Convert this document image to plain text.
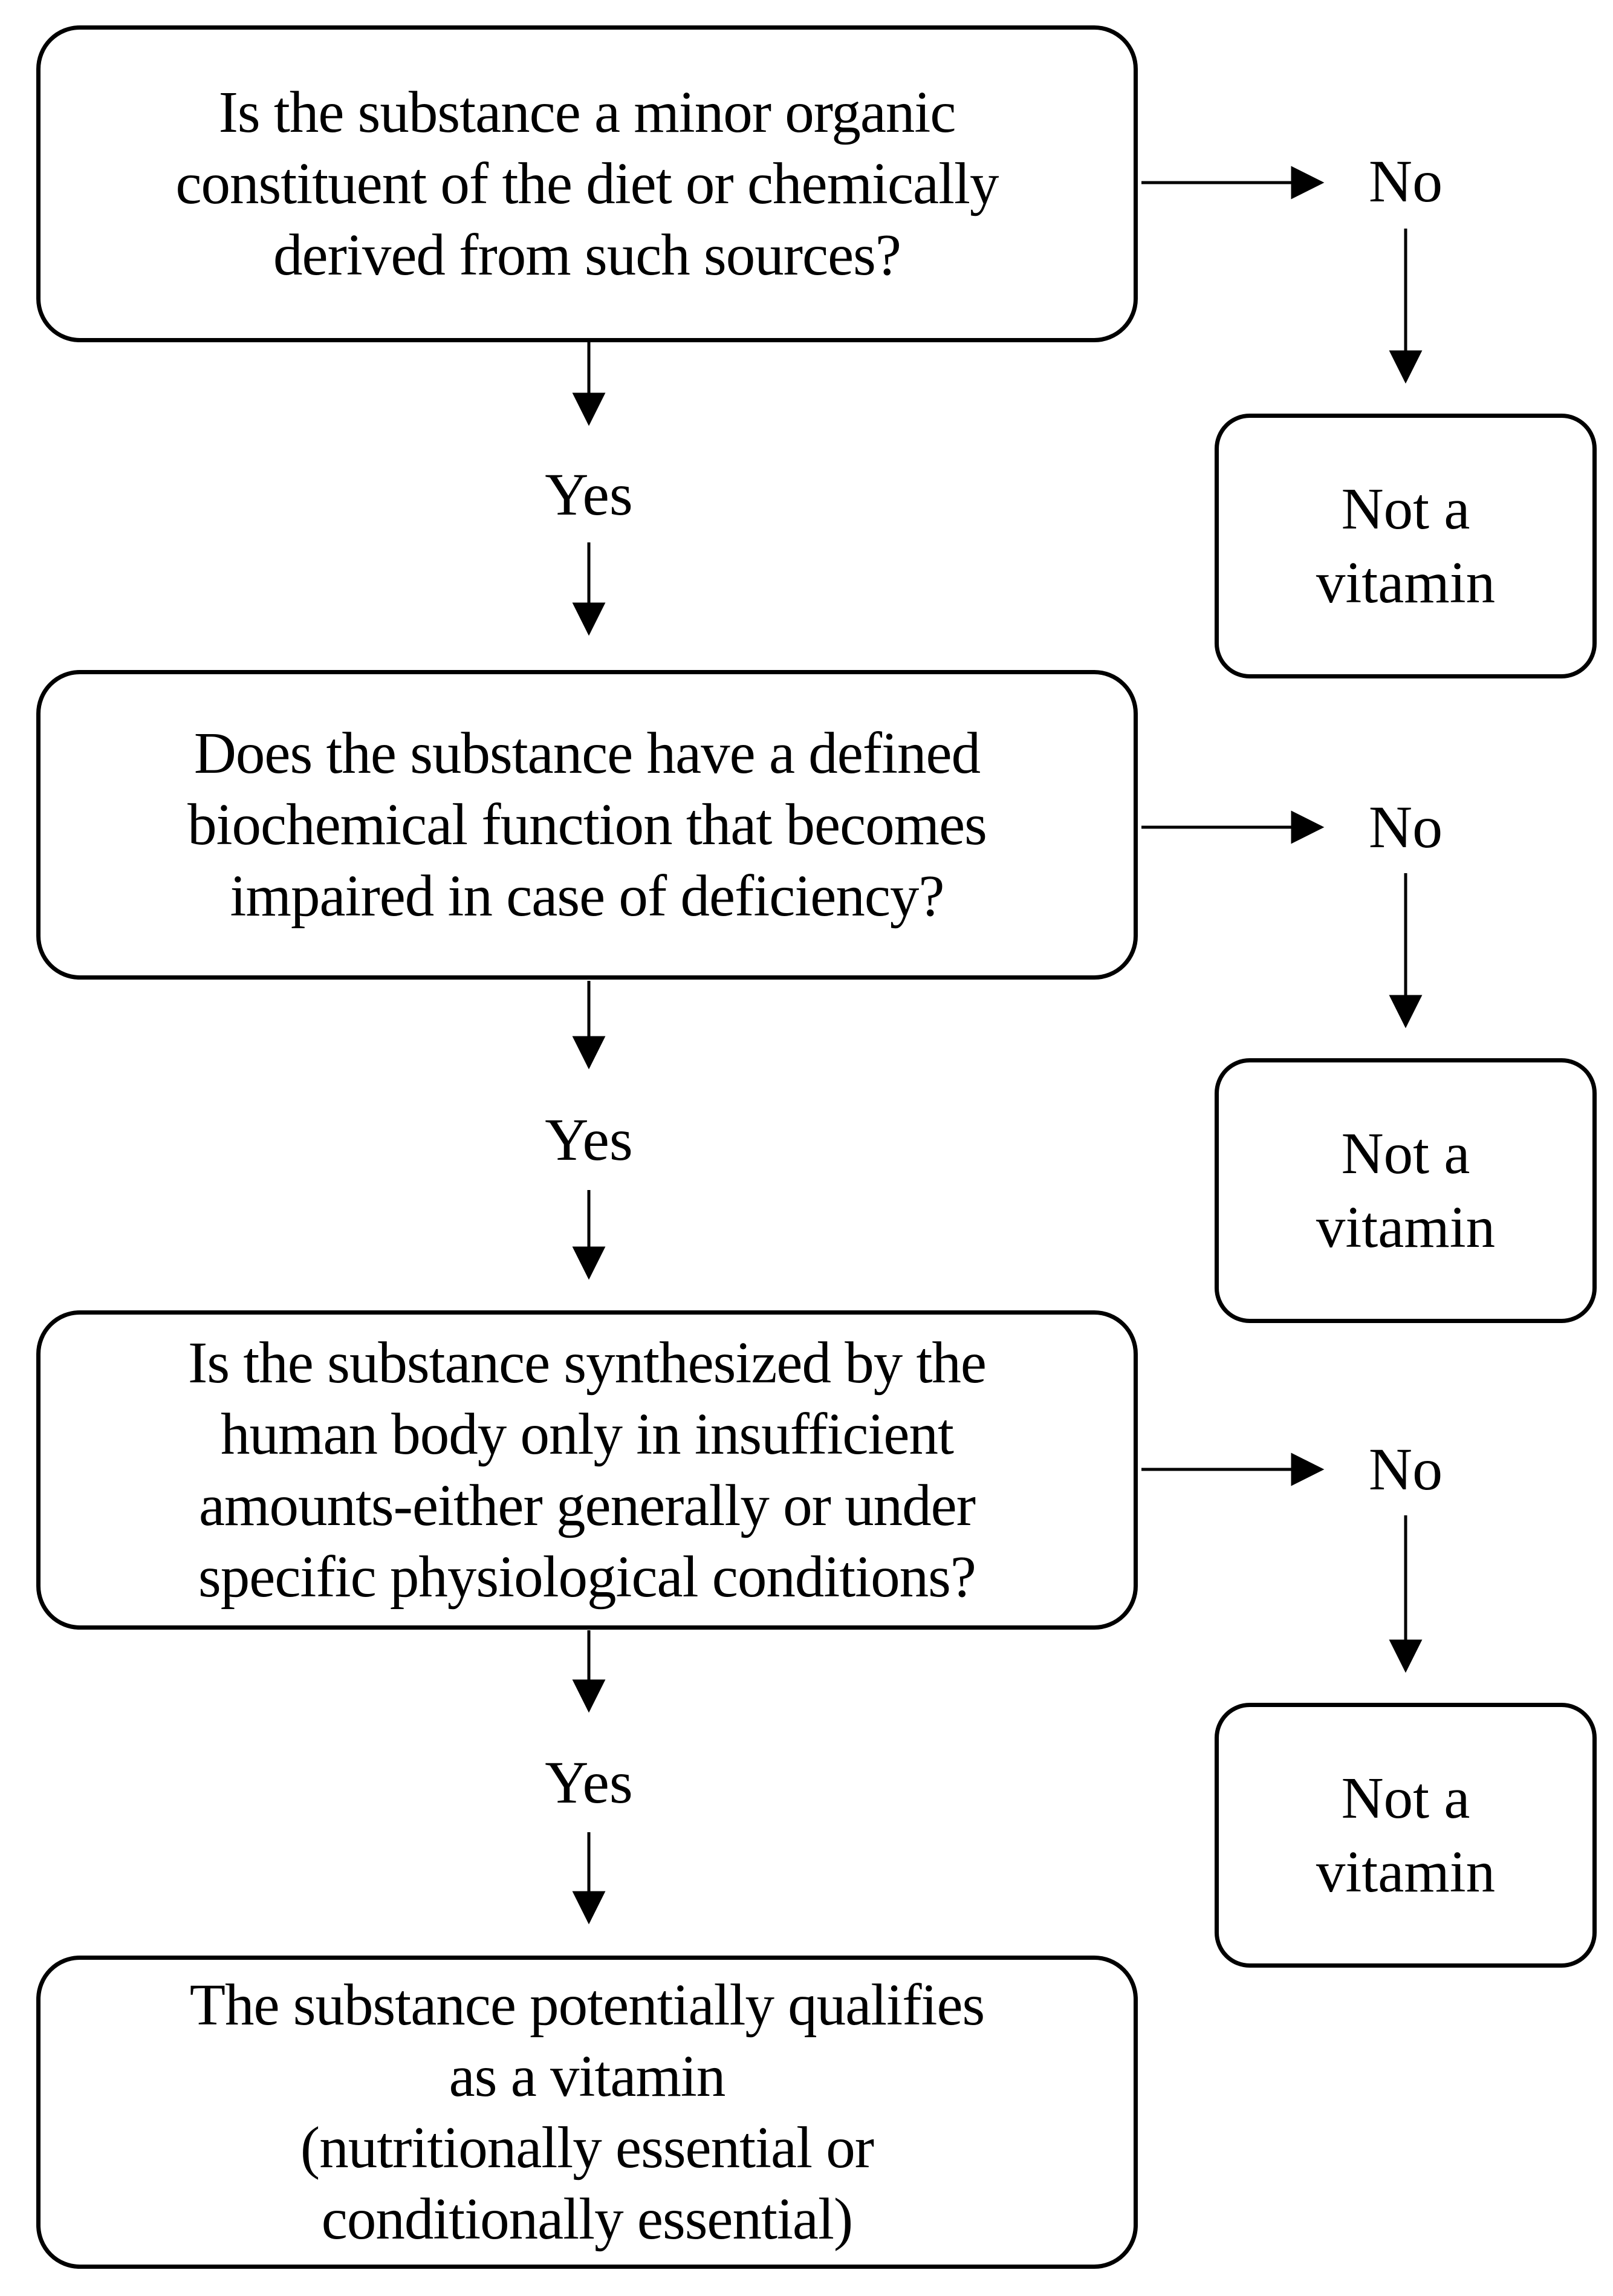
Is the substance a minor organic
constituent of the diet or chemically
derived from such sources?
Does the substance have a defined
biochemical function that becomes
impaired in case of deficiency?
Is the substance synthesized by the
human body only in insufficient
amounts-either generally or under
specific physiological conditions?
The substance potentially qualifies
as a vitamin
(nutritionally essential or
conditionally essential)
Not a
vitamin
Not a
vitamin
Not a
vitamin
Yes
Yes
Yes
No
No
No
